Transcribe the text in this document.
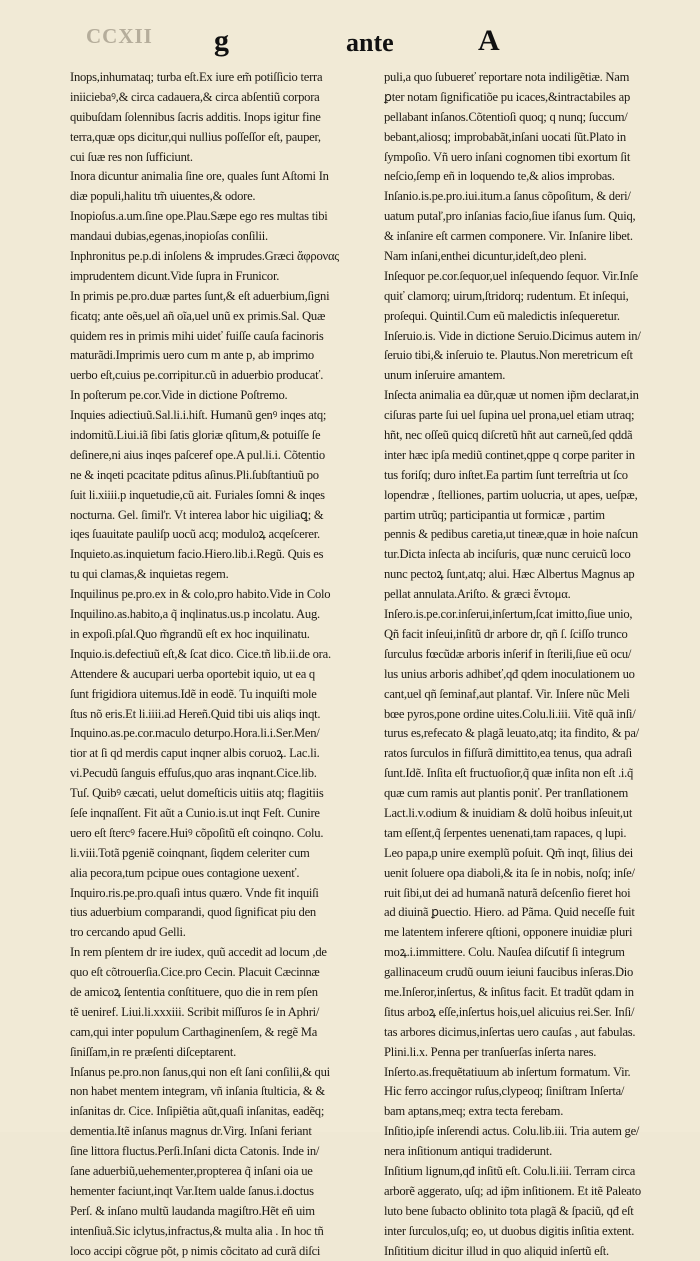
CCXII g	ante	A
Inops,inhumataq; turba eſt.Ex iure em̃ potiſſicio terra
iniiciebaꝰ,& circa cadauera,& circa abſentiũ corpora
quibuſdam ſolennibus ſacris additis. Inops igitur fine
terra,quæ ops dicitur,qui nullius poſſeſſor eſt, pauper,
cui ſuæ res non ſufficiunt.
Inora dicuntur animalia ſine ore, quales ſunt Aſtomi In
diæ populi,halitu tm̃ uiuentes,& odore.
Inopioſus.a.um.ſine ope.Plau.Sæpe ego res multas tibi
mandaui dubias,egenas,inopioſas conſilii.
Inphronitus pe.p.di inſolens & imprudes.Græci ἄφρονας
imprudentem dicunt.Vide ſupra in Frunicor.
In primis pe.pro.duæ partes ſunt,& eſt aduerbium,ſigni
ficatq; ante oẽs,uel añ oĩa,uel unũ ex primis.Sal. Quæ
quidem res in primis mihi uideť fuiſſe cauſa facinoris
maturãdi.Imprimis uero cum m ante p, ab imprimo
uerbo eſt,cuius pe.corripitur.cũ in aduerbio producať.
In poſterum pe.cor.Vide in dictione Poſtremo.
Inquies adiectiuũ.Sal.li.i.hiſt. Humanũ genꝰ inqes atq;
indomitũ.Liui.iã ſibi ſatis gloriæ qſitum,& potuiſſe ſe
deſinere,ni aius inqes paſceref ope.A pul.li.i. Cõtentio
ne & inqeti pcacitate pditus aſinus.Pli.ſubſtantiuũ po
ſuit li.xiiii.p inquetudie,cũ ait. Furiales ſomni & inqes
nocturna. Gel. ſimiľr. Vt interea labor hic uigiliaꝗ; &
iqes ſuauitate pauliſp uocũ acq; moduloꝝ acqeſcerer.
Inquieto.as.inquietum facio.Hiero.lib.i.Regũ. Quis es
tu qui clamas,& inquietas regem.
Inquilinus pe.pro.ex in & colo,pro habito.Vide in Colo
Inquilino.as.habito,a q̃ inqlinatus.us.p incolatu. Aug.
in expoſi.pſal.Quo m̃grandũ eſt ex hoc inquilinatu.
Inquio.is.defectiuũ eſt,& ſcat dico. Cice.tñ lib.ii.de ora.
Attendere & aucupari uerba oportebit iquio, ut ea q
ſunt frigidiora uitemus.Idẽ in eodẽ. Tu inquiſti mole
ſtus nõ eris.Et li.iiii.ad Hereñ.Quid tibi uis aliqs inqt.
Inquino.as.pe.cor.maculo deturpo.Hora.li.i.Ser.Men/
tior at ſi qd merdis caput inqner albis coruoꝝ. Lac.li.
vi.Pecudũ ſanguis effuſus,quo aras inqnant.Cice.lib.
Tuſ. Quibꝰ cæcati, uelut domeſticis uitiis atq; flagitiis
ſeſe inqnaſſent. Fit aũt a Cunio.is.ut inqt Feſt. Cunire
uero eſt ſtercꝰ facere.Huiꝰ cõpoſitũ eſt coinqno. Colu.
li.viii.Totã pgeniẽ coinqnant, ſiqdem celeriter cum
alia pecora,tum pcipue oues contagione uexenť.
Inquiro.ris.pe.pro.quaſi intus quæro. Vnde fit inquiſi
tius aduerbium comparandi, quod ſignificat piu den
tro cercando apud Gelli.
In rem pſentem dr ire iudex, quũ accedit ad locum ,de
quo eſt cõtrouerſia.Cice.pro Cecin. Placuit Cæcinnæ
de amicoꝝ ſententia conſtituere, quo die in rem pſen
tẽ ueniref. Liui.li.xxxiii. Scribit miſſuros ſe in Aphri/
cam,qui inter populum Carthaginenſem, & regẽ Ma
ſiniſſam,in re præſenti diſceptarent.
Inſanus pe.pro.non ſanus,qui non eſt ſani conſilii,& qui
non habet mentem integram, vñ inſania ſtulticia, & &
inſanitas dr. Cice. Inſipiẽtia aũt,quaſi inſanitas, eadẽq;
dementia.Itẽ inſanus magnus dr.Virg. Inſani feriant
ſine littora fluctus.Perſi.Inſani dicta Catonis. Inde in/
ſane aduerbiũ,uehementer,propterea q̃ inſani oia ue
hementer faciunt,inqt Var.Item ualde ſanus.i.doctus
Perſ. & inſano multũ laudanda magiſtro.Hẽt eñ uim
intenſiuã.Sic iclytus,infractus,& multa alia . In hoc tñ
loco accipi cõgrue põt, p nimis cõcitato ad curã diſci
puli,a quo ſubuereť reportare nota indiligẽtiæ. Nam
ꝑter notam ſignificatiõe pu icaces,&intractabiles ap
pellabant inſanos.Cõtentioſi quoq; q nunq; ſuccum/
bebant,aliosq; improbabãt,inſani uocati ſũt.Plato in
ſympoſio. Vñ uero inſani cognomen tibi exortum ſit
neſcio,ſemp eñ in loquendo te,& alios improbas.
Inſanio.is.pe.pro.iui.itum.a ſanus cõpoſitum, & deri/
uatum putaľ,pro inſanias facio,ſiue iſanus ſum. Quiq,
& inſanire eſt carmen componere. Vir. Inſanire libet.
Nam inſani,enthei dicuntur,ideſt,deo pleni.
Inſequor pe.cor.ſequor,uel inſequendo ſequor. Vir.Inſe
quiť clamorq; uirum,ſtridorq; rudentum. Et inſequi,
proſequi. Quintil.Cum eũ maledictis inſequeretur.
Inſeruio.is. Vide in dictione Seruio.Dicimus autem in/
ſeruio tibi,& inſeruio te. Plautus.Non meretricum eſt
unum inſeruire amantem.
Inſecta animalia ea dũr,quæ ut nomen ip̃m declarat,in
ciſuras parte ſui uel ſupina uel prona,uel etiam utraq;
hñt, nec oſſeũ quicq diſcretũ hñt aut carneũ,ſed qddã
inter hæc ipſa mediũ continet,qppe q corpe pariter in
tus foriſq; duro inſtet.Ea partim ſunt terreſtria ut ſco
lopendræ , ſtelliones, partim uolucria, ut apes, ueſpæ,
partim utrũq; participantia ut formicæ , partim
pennis & pedibus caretia,ut tineæ,quæ in hoie naſcun
tur.Dicta inſecta ab inciſuris, quæ nunc ceruicũ loco
nunc pectoꝝ ſunt,atq; alui. Hæc Albertus Magnus ap
pellat annulata.Ariſto. & græci ἔντομα.
Inſero.is.pe.cor.inſerui,inſertum,ſcat imitto,ſiue unio,
Qñ facit inſeui,inſitũ dr arbore dr, qñ ſ. ſciſſo trunco
ſurculus fœcũdæ arboris inſerif in ſterili,ſiue eũ ocu/
lus unius arboris adhibeť,qđ qdem inoculationem uo
cant,uel qñ ſeminaf,aut plantaf. Vir. Inſere nũc Meli
bœe pyros,pone ordine uites.Colu.li.iii. Vitẽ quã inſi/
turus es,refecato & plagã leuato,atq; ita findito, & pa/
ratos ſurculos in fiſſurã dimittito,ea tenus, qua adraſi
ſunt.Idẽ. Inſita eſt fructuoſior,q̃ quæ inſita non eſt .i.q̃
quæ cum ramis aut plantis poniť. Per tranſlationem
Lact.li.v.odium & inuidiam & dolũ hoibus inſeuit,ut
tam eſſent,q̃ ſerpentes uenenati,tam rapaces, q lupi.
Leo papa,p unire exemplũ poſuit. Qm̃ inqt, ſilius dei
uenit ſoluere opa diaboli,& ita ſe in nobis, noſq; inſe/
ruit ſibi,ut dei ad humanã naturã deſcenſio fieret hoi
ad diuinã ꝑuectio. Hiero. ad Pãma. Quid neceſſe fuit
me latentem inferere qſtioni, opponere inuidiæ pluri
moꝝ.i.immittere. Colu. Nauſea diſcutif ſi integrum
gallinaceum crudũ ouum ieiuni faucibus inſeras.Dio
me.Inſeror,inſertus, & inſitus facit. Et tradũt qdam in
ſitus arboꝝ eſſe,inſertus hois,uel alicuius rei.Ser. Inſi/
tas arbores dicimus,inſertas uero cauſas , aut fabulas.
Plini.li.x. Penna per tranſuerſas inſerta nares.
Inſerto.as.frequẽtatiuum ab inſertum formatum. Vir.
Hic ferro accingor ruſus,clypeoq; ſiniſtram Inſerta/
bam aptans,meq; extra tecta ferebam.
Inſitio,ipſe inſerendi actus. Colu.lib.iii. Tria autem ge/
nera inſitionum antiqui tradiderunt.
Inſitium lignum,qđ inſitũ eſt. Colu.li.iii. Terram circa
arborẽ aggerato, uſq; ad ip̃m inſitionem. Et itẽ Paleato
luto bene ſubacto oblinito tota plagã & ſpaciũ, qđ eſt
inter ſurculos,uſq; eo, ut duobus digitis inſitia extent.
Inſititium dicitur illud in quo aliquid inſertũ eſt.
